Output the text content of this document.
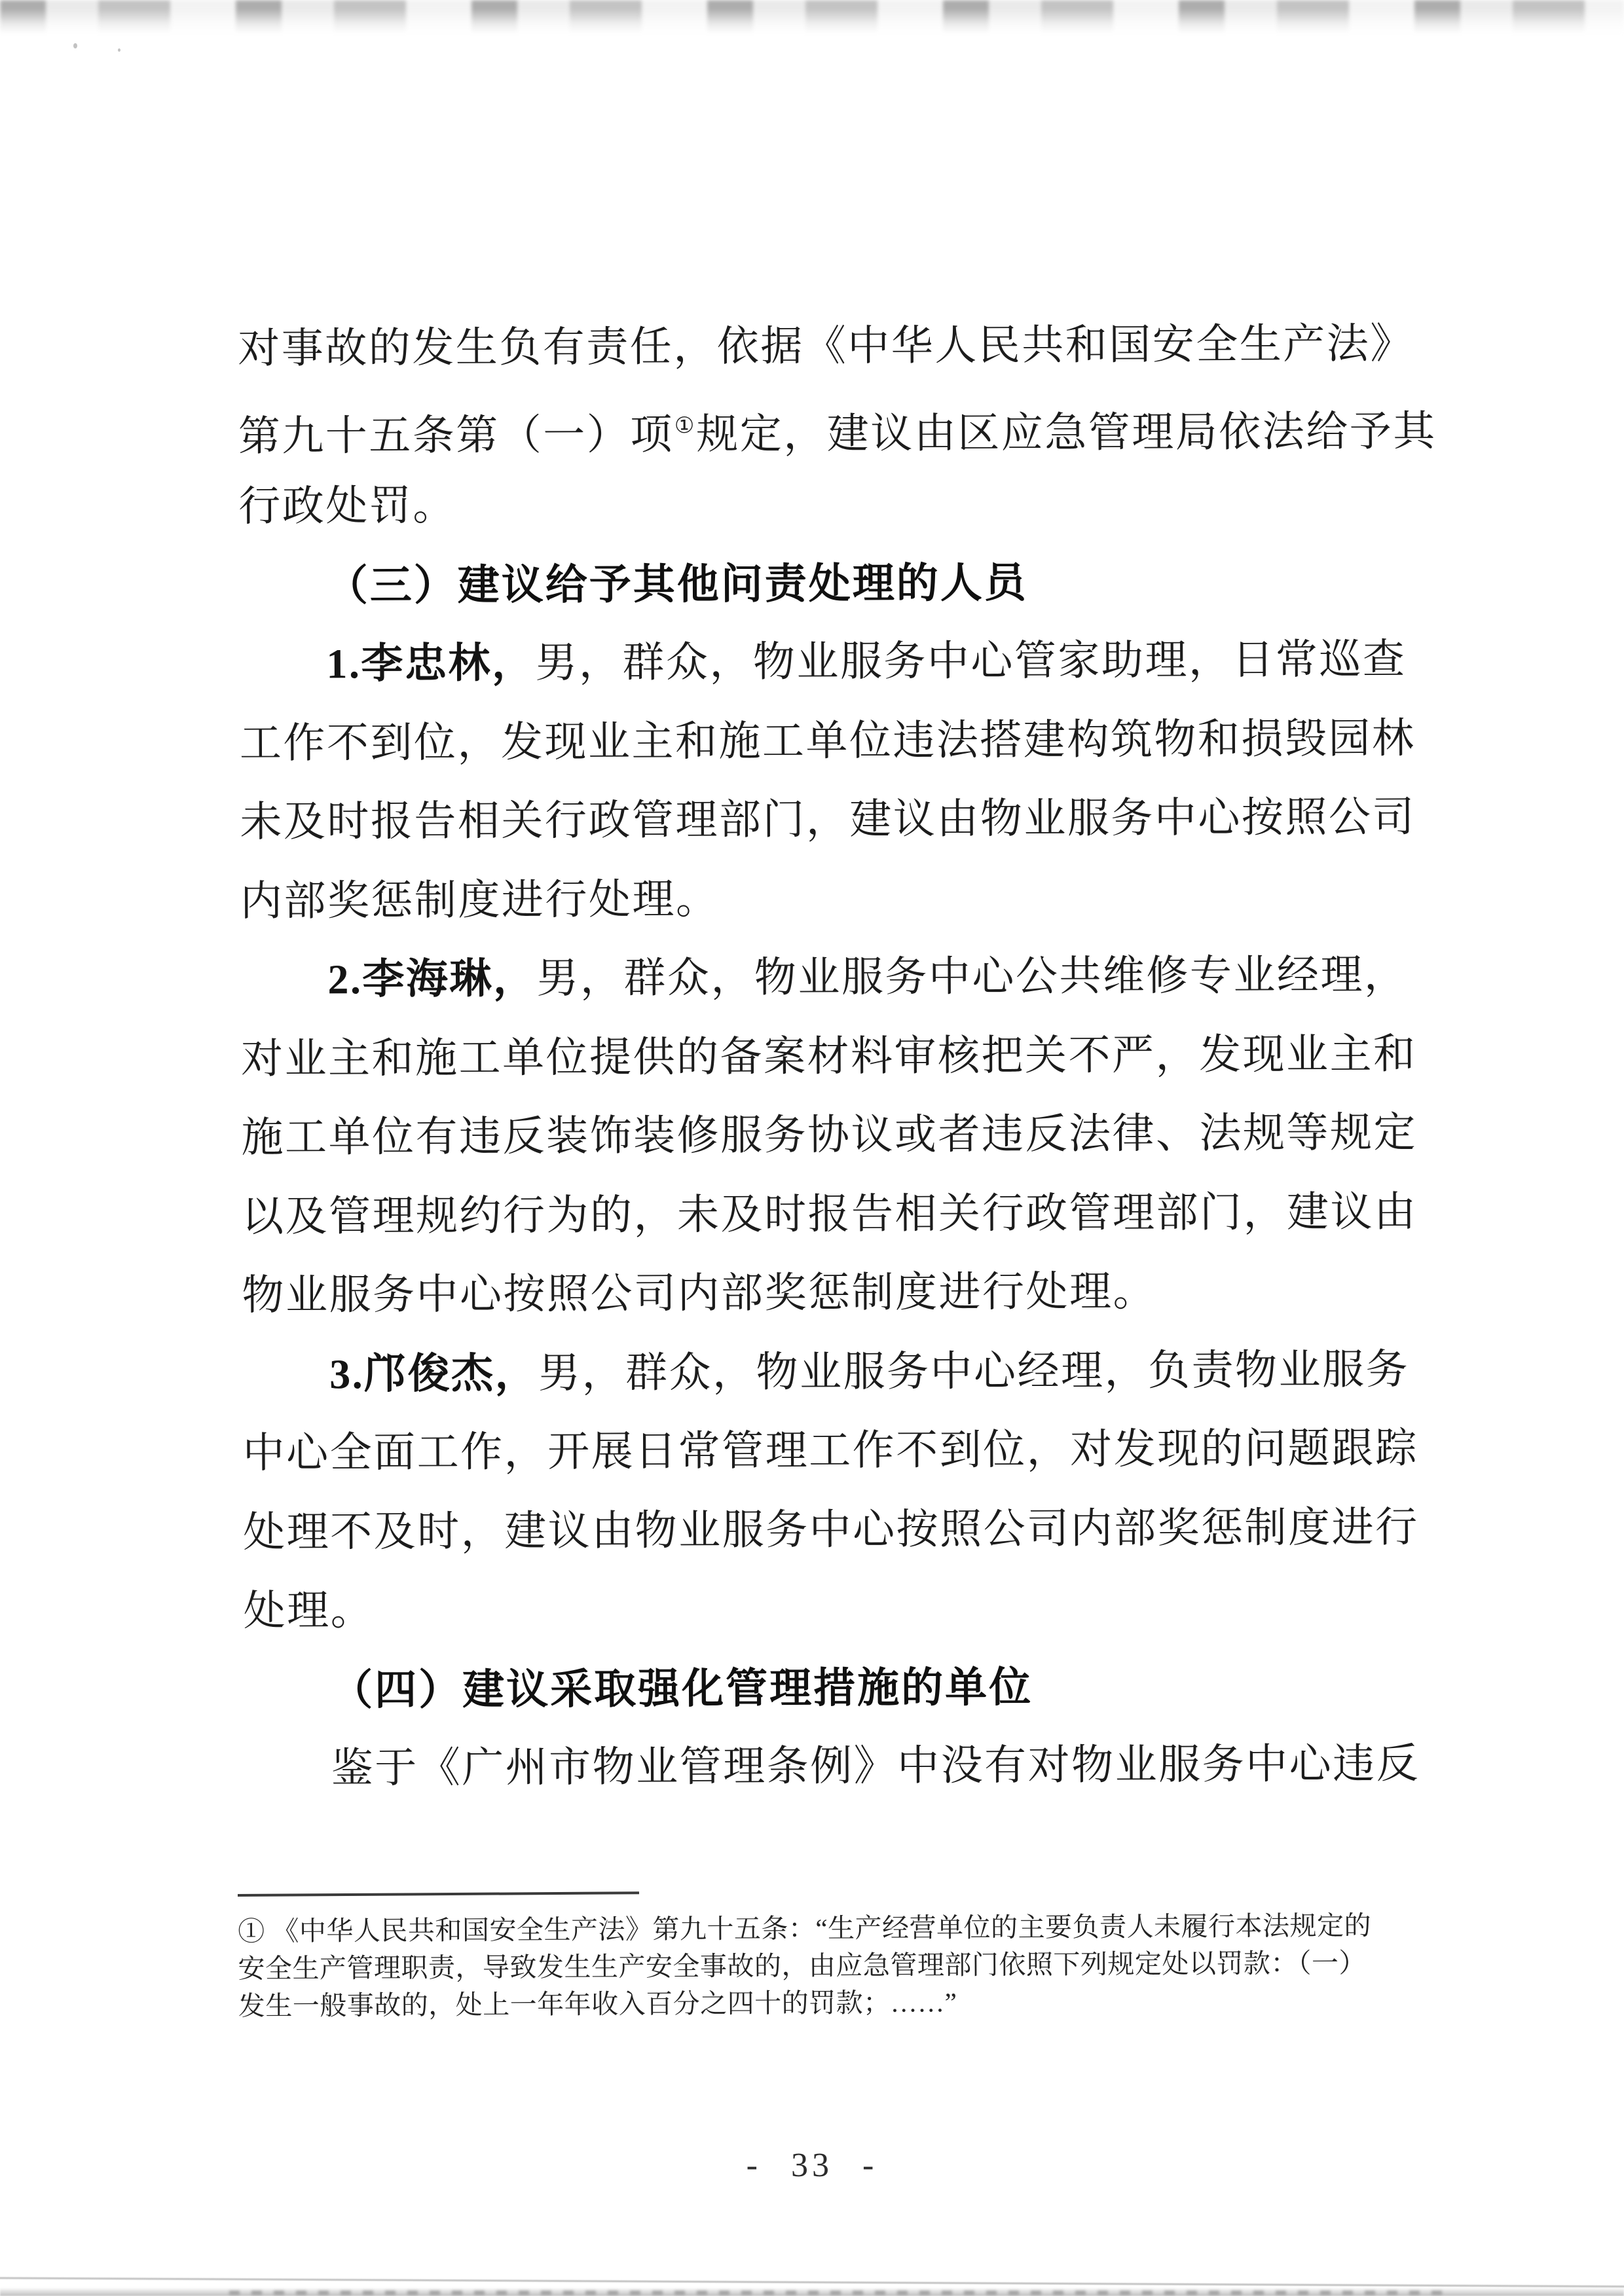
对事故的发生负有责任，依据《中华人民共和国安全生产法》
第九十五条第（一）项①规定，建议由区应急管理局依法给予其
行政处罚。
（三）建议给予其他问责处理的人员
1.李忠林，男，群众，物业服务中心管家助理，日常巡查
工作不到位，发现业主和施工单位违法搭建构筑物和损毁园林
未及时报告相关行政管理部门，建议由物业服务中心按照公司
内部奖惩制度进行处理。
2.李海琳，男，群众，物业服务中心公共维修专业经理，
对业主和施工单位提供的备案材料审核把关不严，发现业主和
施工单位有违反装饰装修服务协议或者违反法律、法规等规定
以及管理规约行为的，未及时报告相关行政管理部门，建议由
物业服务中心按照公司内部奖惩制度进行处理。
3.邝俊杰，男，群众，物业服务中心经理，负责物业服务
中心全面工作，开展日常管理工作不到位，对发现的问题跟踪
处理不及时，建议由物业服务中心按照公司内部奖惩制度进行
处理。
（四）建议采取强化管理措施的单位
鉴于《广州市物业管理条例》中没有对物业服务中心违反
① 《中华人民共和国安全生产法》第九十五条：“生产经营单位的主要负责人未履行本法规定的
安全生产管理职责，导致发生生产安全事故的，由应急管理部门依照下列规定处以罚款：（一）
发生一般事故的，处上一年年收入百分之四十的罚款；……”
- 33 -
